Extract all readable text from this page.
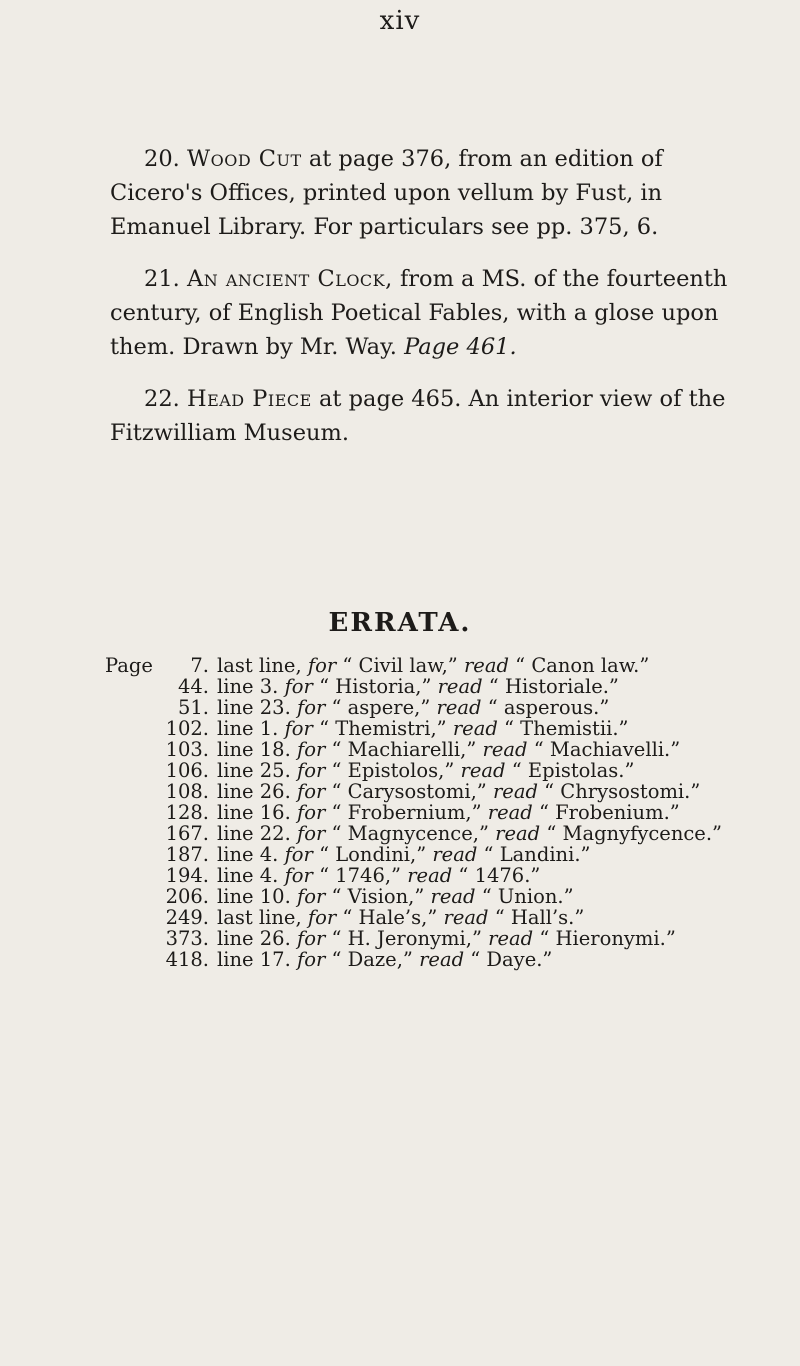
xiv

20. Wood Cut at page 376, from an edition of Cicero's Offices, printed upon vellum by Fust, in Emanuel Library. For particulars see pp. 375, 6.

21. An ancient Clock, from a MS. of the fourteenth century, of English Poetical Fables, with a glose upon them. Drawn by Mr. Way. Page 461.

22. Head Piece at page 465. An interior view of the Fitzwilliam Museum.

ERRATA.
Page	7. last line, for “ Civil law,” read “ Canon law.”
44. line 3. for “ Historia,” read “ Historiale.”
51. line 23. for “ aspere,” read “ asperous.”
102. line 1. for “ Themistri,” read “ Themistii.”
103. line 18. for “ Machiarelli,” read “ Machiavelli.”
106. line 25. for “ Epistolos,” read “ Epistolas.”
108. line 26. for “ Carysostomi,” read “ Chrysostomi.”
128. line 16. for “ Frobernium,” read “ Frobenium.”
167. line 22. for “ Magnycence,” read “ Magnyfycence.”
187. line 4. for “ Londini,” read “ Landini.”
194. line 4. for “ 1746,” read “ 1476.”
206. line 10. for “ Vision,” read “ Union.”
249. last line, for “ Hale’s,” read “ Hall’s.”
373. line 26. for “ H. Jeronymi,” read “ Hieronymi.”
418. line 17. for “ Daze,” read “ Daye.”
